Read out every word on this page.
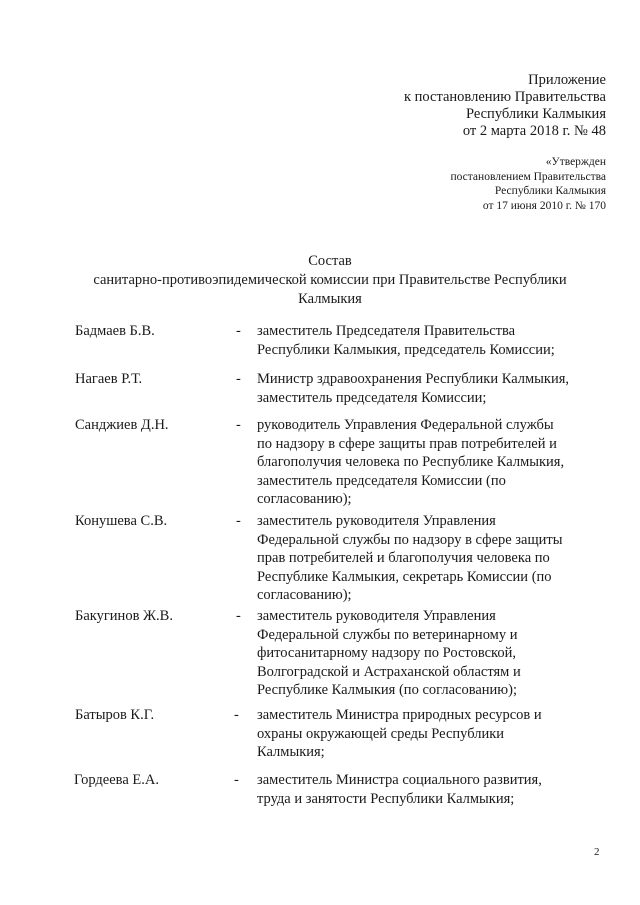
Приложение
к постановлению Правительства
Республики Калмыкия
от 2 марта 2018 г. № 48
«Утвержден
постановлением Правительства
Республики Калмыкия
от 17 июня 2010 г. № 170
Состав
санитарно-противоэпидемической комиссии при Правительстве Республики
Калмыкия
Бадмаев Б.В.	- заместитель Председателя Правительства
Республики Калмыкия, председатель Комиссии;
Нагаев Р.Т.	- Министр здравоохранения Республики Калмыкия,
заместитель председателя Комиссии;
Санджиев Д.Н.	- руководитель Управления Федеральной службы
по надзору в сфере защиты прав потребителей и
благополучия человека по Республике Калмыкия,
заместитель председателя Комиссии (по
согласованию);
Конушева С.В.	- заместитель руководителя Управления
Федеральной службы по надзору в сфере защиты
прав потребителей и благополучия человека по
Республике Калмыкия, секретарь Комиссии (по
согласованию);
Бакугинов Ж.В.	- заместитель руководителя Управления
Федеральной службы по ветеринарному и
фитосанитарному надзору по Ростовской,
Волгоградской и Астраханской областям и
Республике Калмыкия (по согласованию);
Батыров К.Г.	- заместитель Министра природных ресурсов и
охраны окружающей среды Республики
Калмыкия;
Гордеева Е.А.	- заместитель Министра социального развития,
труда и занятости Республики Калмыкия;
2
